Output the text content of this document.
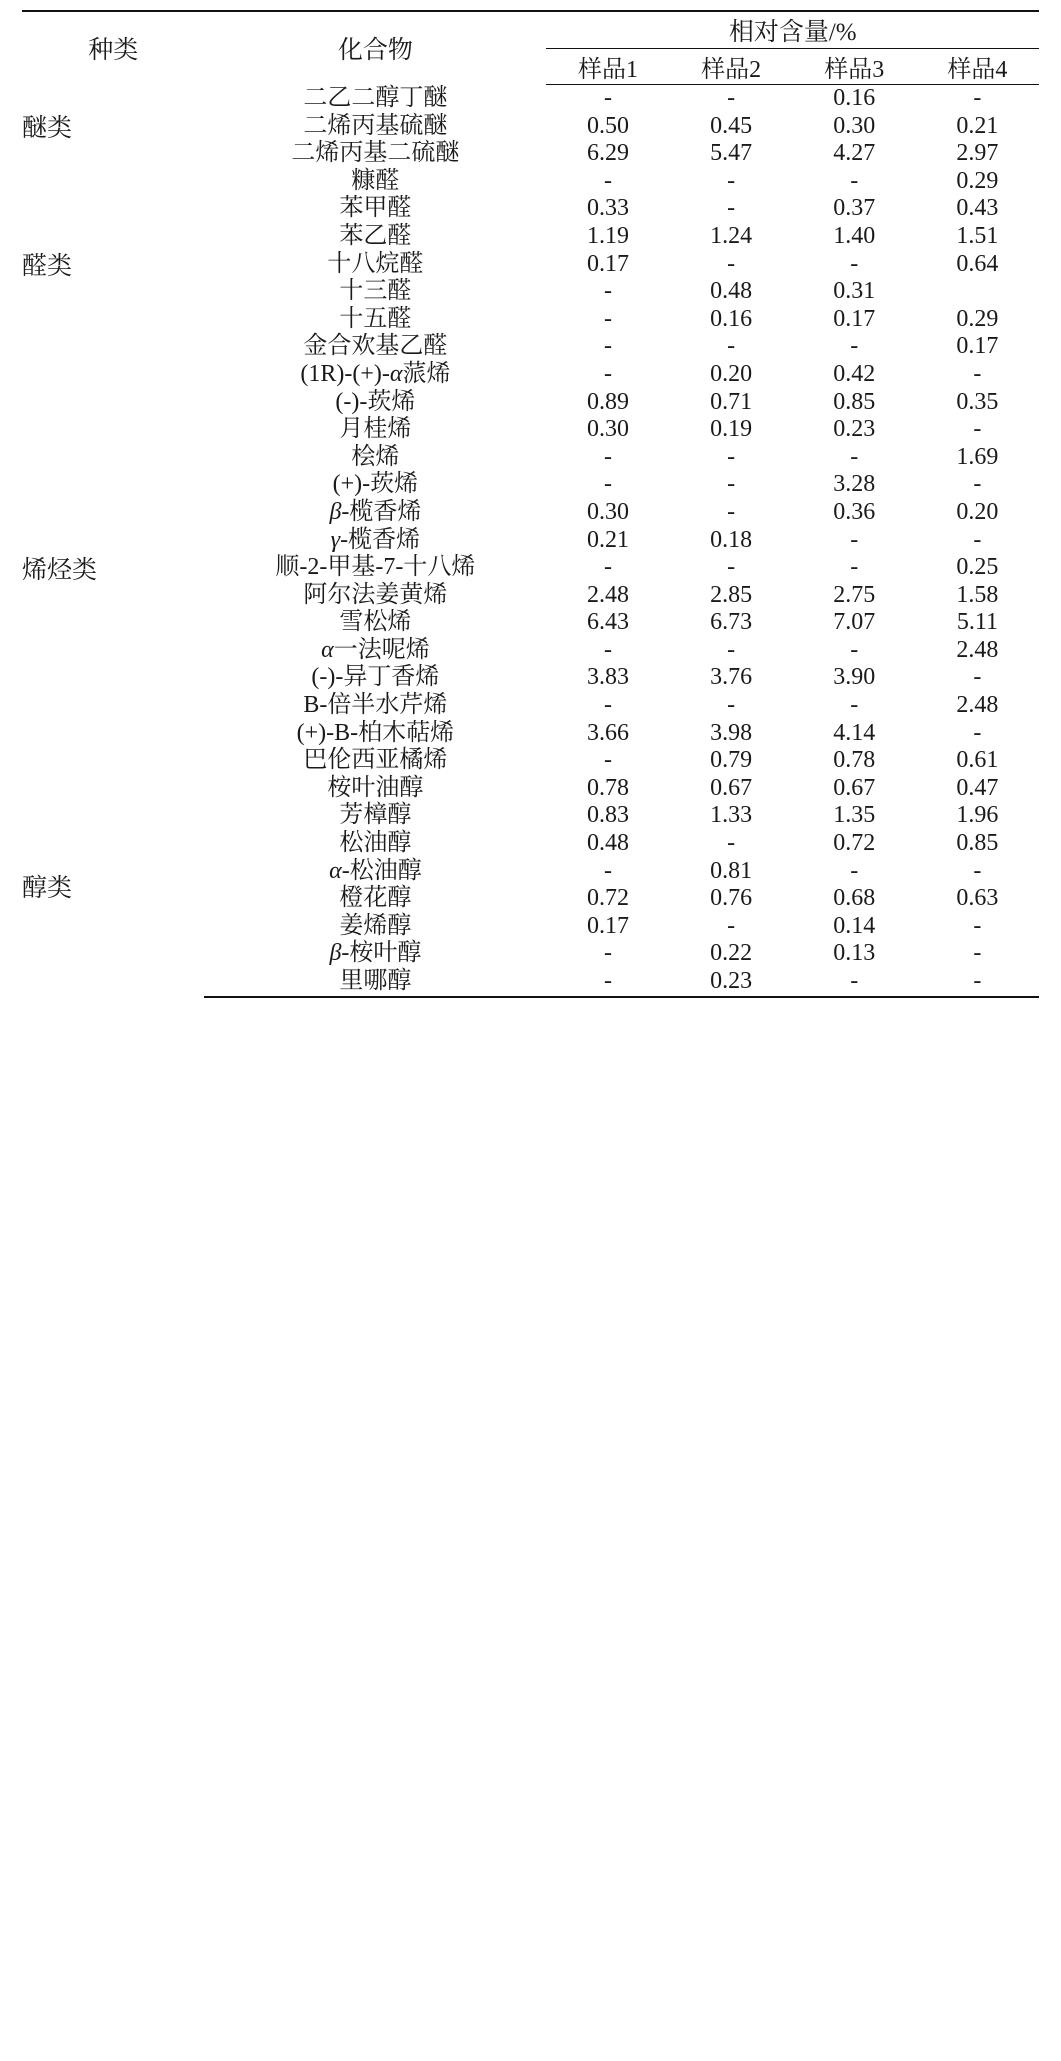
种类	化合物	相对含量/%			
		样品1	样品2	样品3	样品4
醚类	二乙二醇丁醚	-	-	0.16	-
	二烯丙基硫醚	0.50	0.45	0.30	0.21
	二烯丙基二硫醚	6.29	5.47	4.27	2.97
醛类	糠醛	-	-	-	0.29
	苯甲醛	0.33	-	0.37	0.43
	苯乙醛	1.19	1.24	1.40	1.51
	十八烷醛	0.17	-	-	0.64
	十三醛	-	0.48	0.31	
	十五醛	-	0.16	0.17	0.29
	金合欢基乙醛	-	-	-	0.17
烯烃类	(1R)-(+)-α蒎烯	-	0.20	0.42	-
	(-)-莰烯	0.89	0.71	0.85	0.35
	月桂烯	0.30	0.19	0.23	-
	桧烯	-	-	-	1.69
	(+)-莰烯	-	-	3.28	-
	β-榄香烯	0.30	-	0.36	0.20
	γ-榄香烯	0.21	0.18	-	-
	顺-2-甲基-7-十八烯	-	-	-	0.25
	阿尔法姜黄烯	2.48	2.85	2.75	1.58
	雪松烯	6.43	6.73	7.07	5.11
	α一法呢烯	-	-	-	2.48
	(-)-异丁香烯	3.83	3.76	3.90	-
	B-倍半水芹烯	-	-	-	2.48
	(+)-B-柏木萜烯	3.66	3.98	4.14	-
	巴伦西亚橘烯	-	0.79	0.78	0.61
醇类	桉叶油醇	0.78	0.67	0.67	0.47
	芳樟醇	0.83	1.33	1.35	1.96
	松油醇	0.48	-	0.72	0.85
	α-松油醇	-	0.81	-	-
	橙花醇	0.72	0.76	0.68	0.63
	姜烯醇	0.17	-	0.14	-
	β-桉叶醇	-	0.22	0.13	-
	里哪醇	-	0.23	-	-
